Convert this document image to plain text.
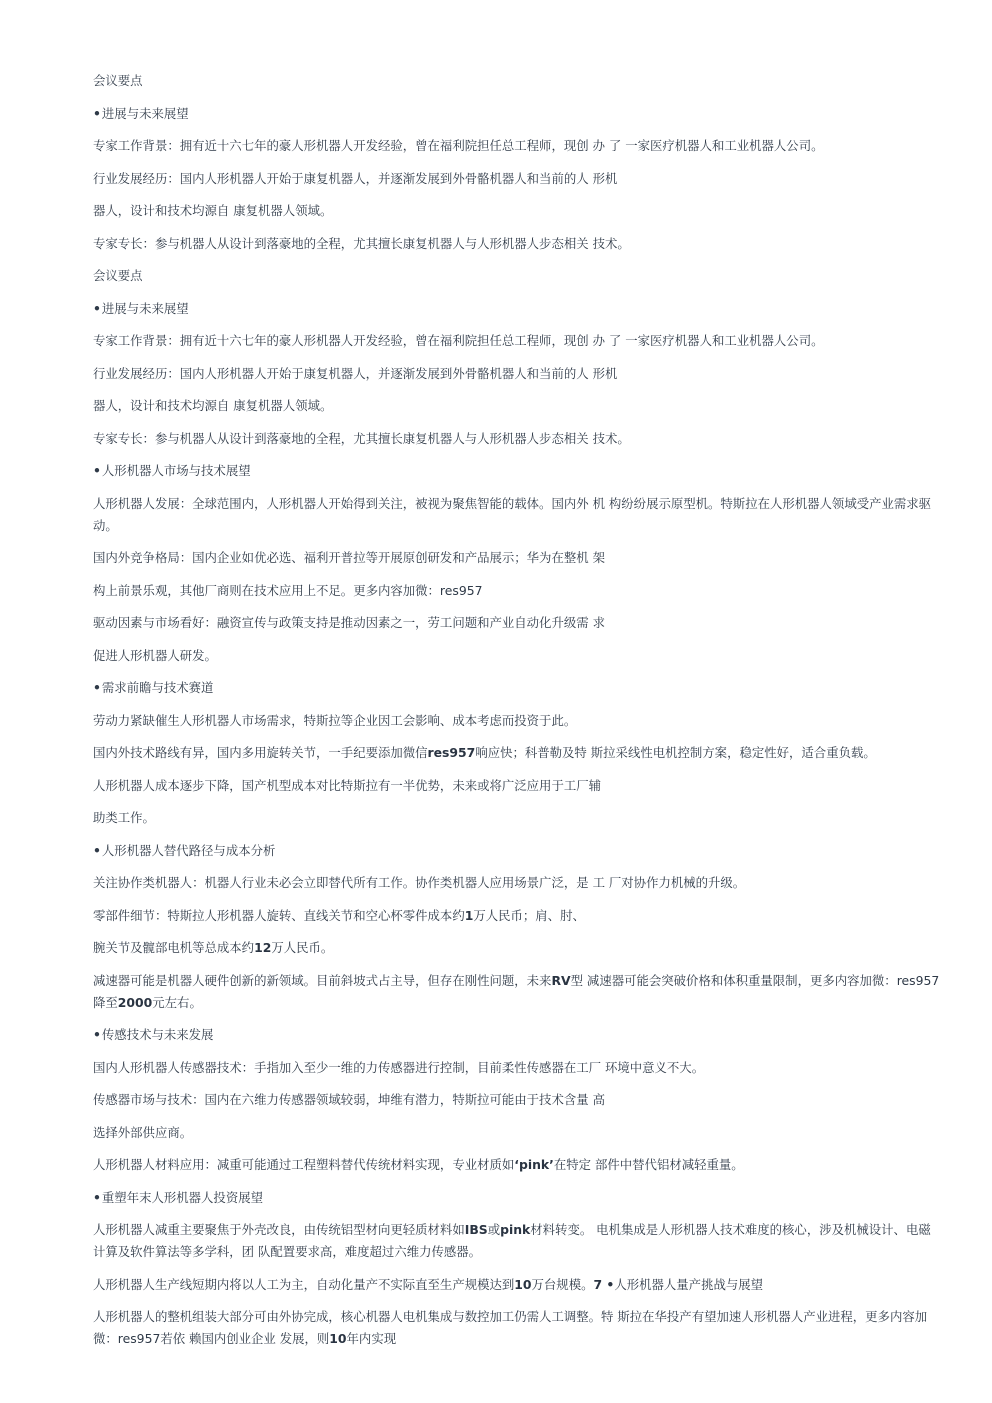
会议要点
•进展与未来展望
专家工作背景：拥有近十六七年的豪人形机器人开发经验，曾在福利院担任总工程师，现创 办 了 一家医疗机器人和工业机器人公司。
行业发展经历：国内人形机器人开始于康复机器人，并逐渐发展到外骨骼机器人和当前的人 形机
器人，设计和技术均源自 康复机器人领域。
专家专长：参与机器人从设计到落豪地的全程，尤其擅长康复机器人与人形机器人步态相关 技术。
会议要点
•进展与未来展望
专家工作背景：拥有近十六七年的豪人形机器人开发经验，曾在福利院担任总工程师，现创 办 了 一家医疗机器人和工业机器人公司。
行业发展经历：国内人形机器人开始于康复机器人，并逐渐发展到外骨骼机器人和当前的人 形机
器人，设计和技术均源自 康复机器人领域。
专家专长：参与机器人从设计到落豪地的全程，尤其擅长康复机器人与人形机器人步态相关 技术。
•人形机器人市场与技术展望
人形机器人发展：全球范围内，人形机器人开始得到关注，被视为聚焦智能的载体。国内外 机 构纷纷展示原型机。特斯拉在人形机器人领域受产业需求驱动。
国内外竞争格局：国内企业如优必选、福利开普拉等开展原创研发和产品展示；华为在整机 架
构上前景乐观，其他厂商则在技术应用上不足。更多内容加微：res957
驱动因素与市场看好：融资宣传与政策支持是推动因素之一，劳工问题和产业自动化升级需 求
促进人形机器人研发。
•需求前瞻与技术赛道
劳动力紧缺催生人形机器人市场需求，特斯拉等企业因工会影响、成本考虑而投资于此。
国内外技术路线有异，国内多用旋转关节，一手纪要添加微信res957响应快；科普勒及特 斯拉采线性电机控制方案，稳定性好，适合重负载。
人形机器人成本逐步下降，国产机型成本对比特斯拉有一半优势，未来或将广泛应用于工厂辅
助类工作。
•人形机器人替代路径与成本分析
关注协作类机器人：机器人行业未必会立即替代所有工作。协作类机器人应用场景广泛，是 工 厂对协作力机械的升级。
零部件细节：特斯拉人形机器人旋转、直线关节和空心杯零件成本约1万人民币；肩、肘、
腕关节及髋部电机等总成本约12万人民币。
减速器可能是机器人硬件创新的新领域。目前斜坡式占主导，但存在刚性问题，未来RV型 减速器可能会突破价格和体积重量限制，更多内容加微：res957降至2000元左右。
•传感技术与未来发展
国内人形机器人传感器技术：手指加入至少一维的力传感器进行控制，目前柔性传感器在工厂 环境中意义不大。
传感器市场与技术：国内在六维力传感器领域较弱，坤维有潜力，特斯拉可能由于技术含量 高
选择外部供应商。
人形机器人材料应用：减重可能通过工程塑料替代传统材料实现，专业材质如‘pink’在特定 部件中替代铝材减轻重量。
•重塑年末人形机器人投资展望
人形机器人减重主要聚焦于外壳改良，由传统铝型材向更轻质材料如IBS或pink材料转变。 电机集成是人形机器人技术难度的核心，涉及机械设计、电磁计算及软件算法等多学科，团 队配置要求高，难度超过六维力传感器。
人形机器人生产线短期内将以人工为主，自动化量产不实际直至生产规模达到10万台规模。7 •人形机器人量产挑战与展望
人形机器人的整机组装大部分可由外协完成，核心机器人电机集成与数控加工仍需人工调整。特 斯拉在华投产有望加速人形机器人产业进程，更多内容加微：res957若依 赖国内创业企业 发展，则10年内实现
